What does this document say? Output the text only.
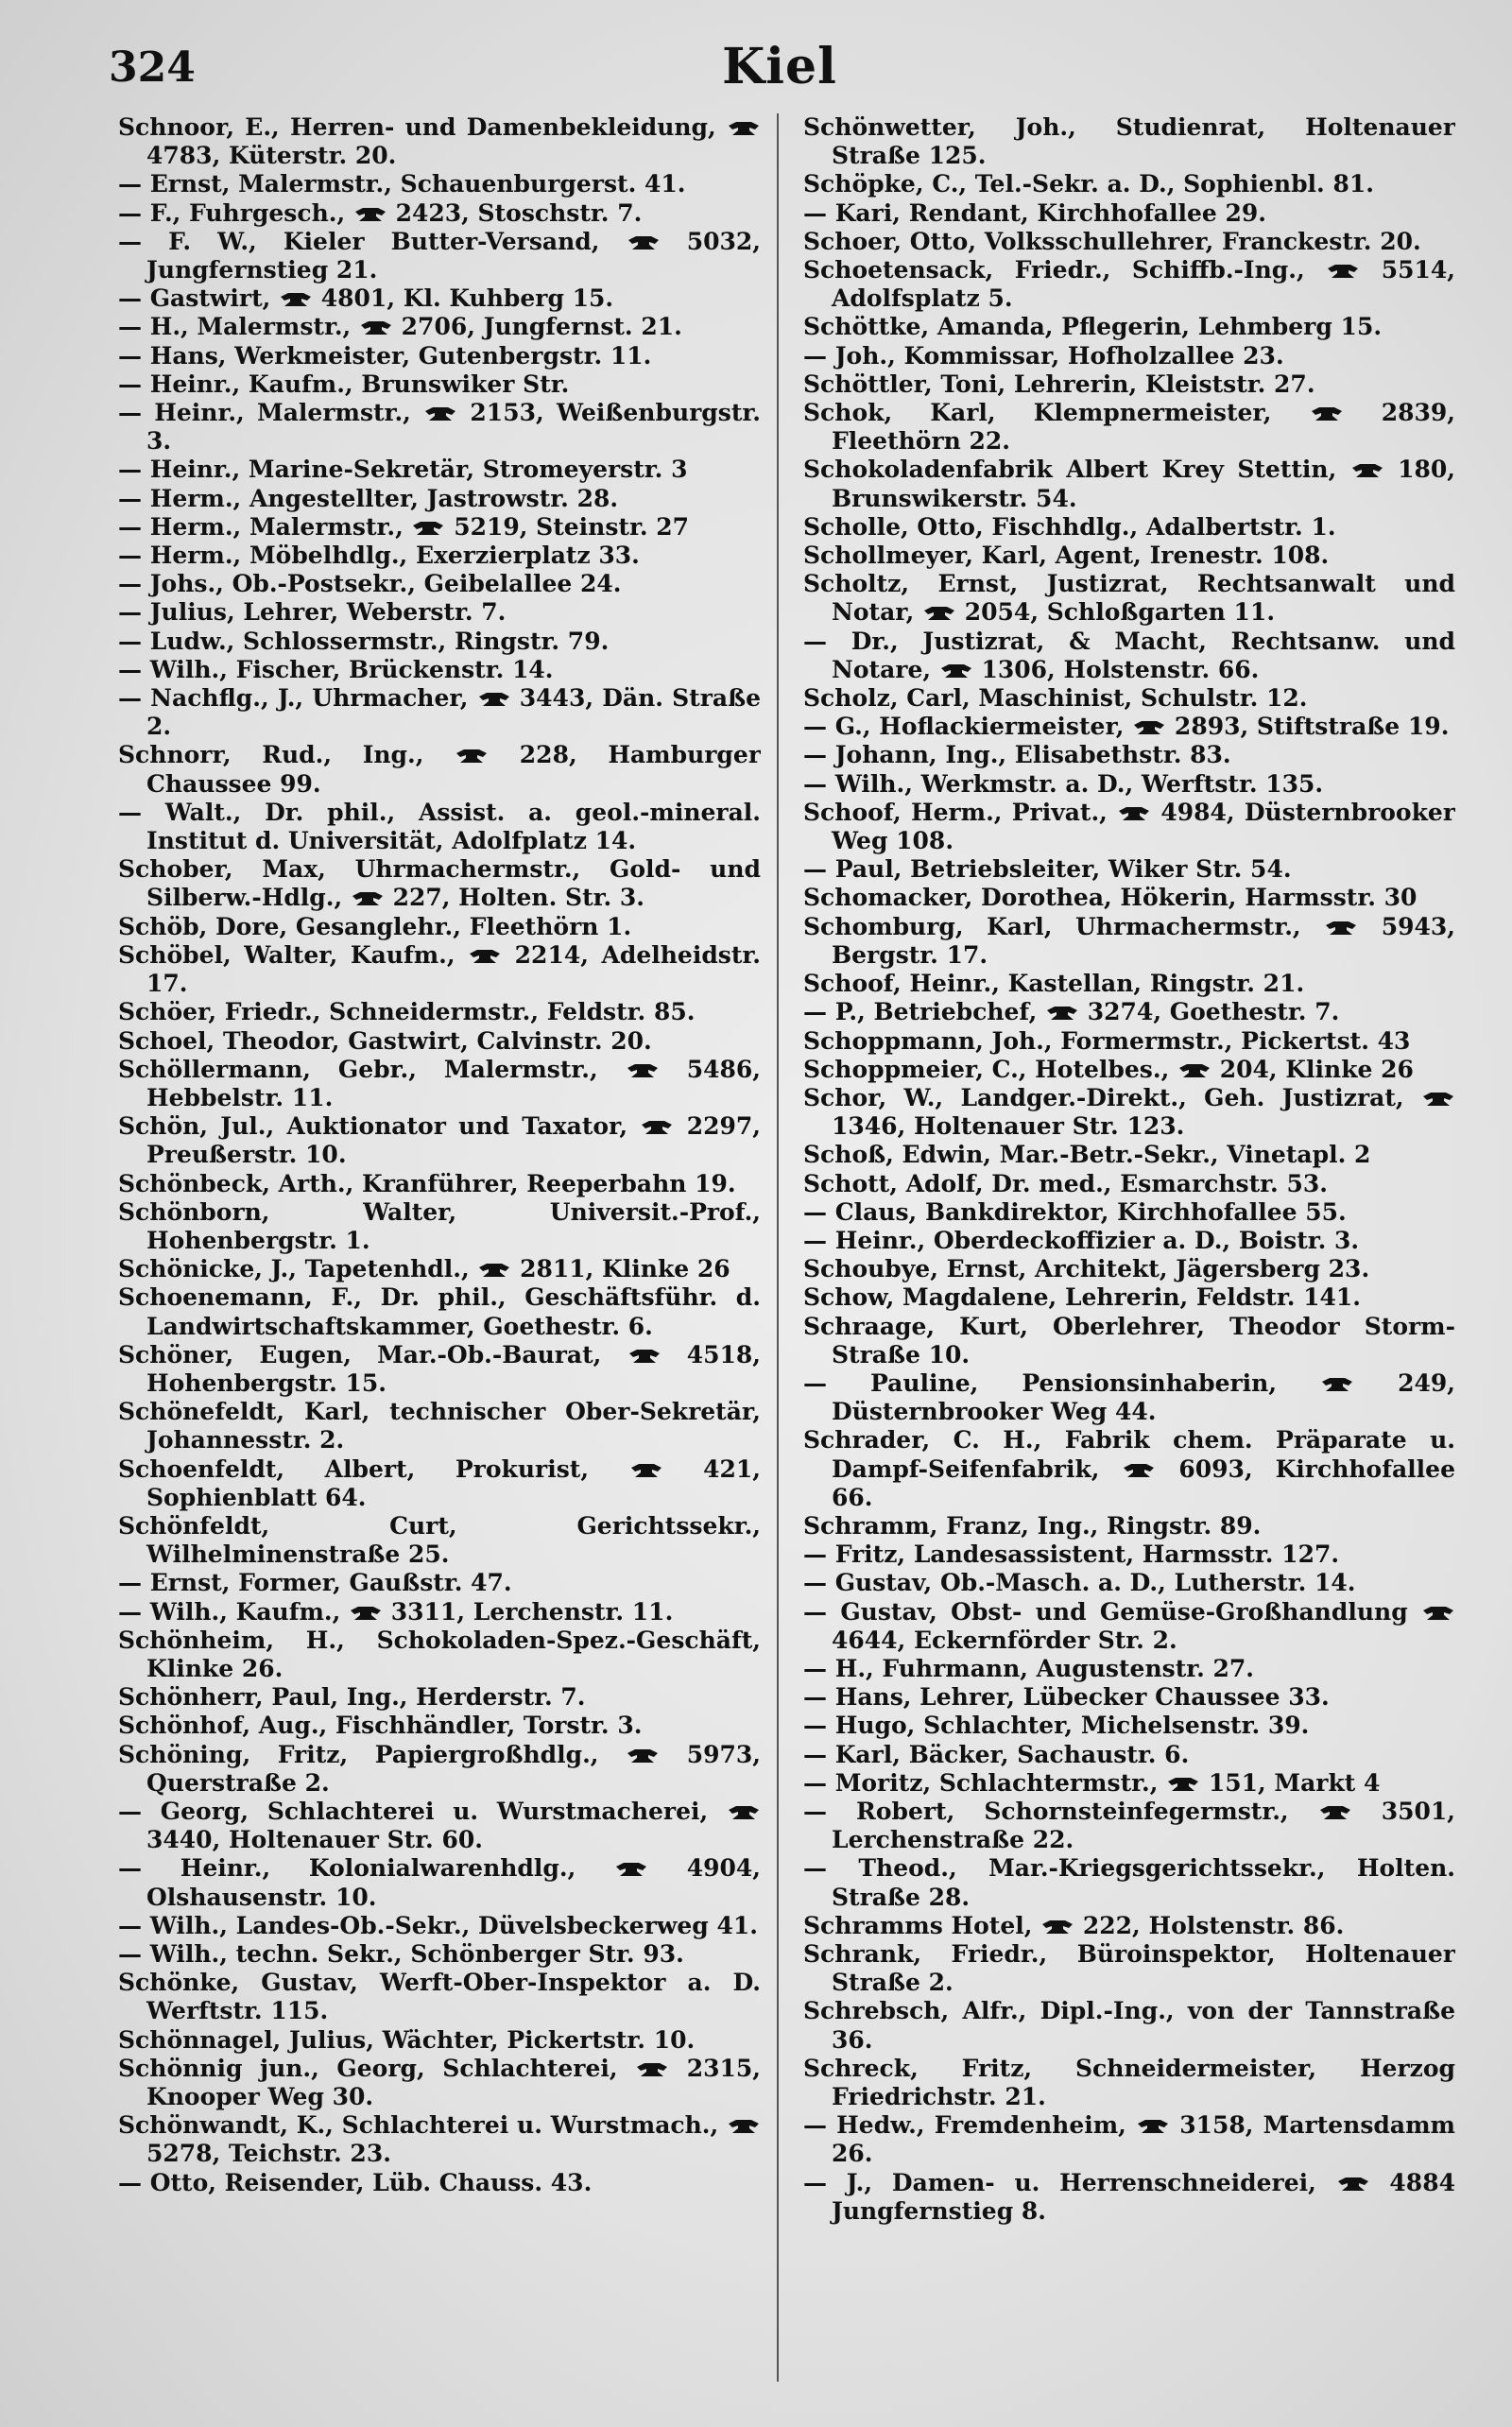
324	Kiel
Schnoor, E., Herren- und Damenbekleidung,  4783, Küterstr. 20.
— Ernst, Malermstr., Schauenburgerst. 41.
— F., Fuhrgesch.,  2423, Stoschstr. 7.
— F. W., Kieler Butter-Versand,  5032, Jungfernstieg 21.
— Gastwirt,  4801, Kl. Kuhberg 15.
— H., Malermstr.,  2706, Jungfernst. 21.
— Hans, Werkmeister, Gutenbergstr. 11.
— Heinr., Kaufm., Brunswiker Str.
— Heinr., Malermstr.,  2153, Weißenburgstr. 3.
— Heinr., Marine-Sekretär, Stromeyerstr. 3
— Herm., Angestellter, Jastrowstr. 28.
— Herm., Malermstr.,  5219, Steinstr. 27
— Herm., Möbelhdlg., Exerzierplatz 33.
— Johs., Ob.-Postsekr., Geibelallee 24.
— Julius, Lehrer, Weberstr. 7.
— Ludw., Schlossermstr., Ringstr. 79.
— Wilh., Fischer, Brückenstr. 14.
— Nachflg., J., Uhrmacher,  3443, Dän. Straße 2.
Schnorr, Rud., Ing.,  228, Hamburger Chaussee 99.
— Walt., Dr. phil., Assist. a. geol.-mineral. Institut d. Universität, Adolfplatz 14.
Schober, Max, Uhrmachermstr., Gold- und Silberw.-Hdlg.,  227, Holten. Str. 3.
Schöb, Dore, Gesanglehr., Fleethörn 1.
Schöbel, Walter, Kaufm.,  2214, Adelheidstr. 17.
Schöer, Friedr., Schneidermstr., Feldstr. 85.
Schoel, Theodor, Gastwirt, Calvinstr. 20.
Schöllermann, Gebr., Malermstr.,  5486, Hebbelstr. 11.
Schön, Jul., Auktionator und Taxator,  2297, Preußerstr. 10.
Schönbeck, Arth., Kranführer, Reeperbahn 19.
Schönborn, Walter, Universit.-Prof., Hohenbergstr. 1.
Schönicke, J., Tapetenhdl.,  2811, Klinke 26
Schoenemann, F., Dr. phil., Geschäftsführ. d. Landwirtschaftskammer, Goethestr. 6.
Schöner, Eugen, Mar.-Ob.-Baurat,  4518, Hohenbergstr. 15.
Schönefeldt, Karl, technischer Ober-Sekretär, Johannesstr. 2.
Schoenfeldt, Albert, Prokurist,  421, Sophienblatt 64.
Schönfeldt, Curt, Gerichtssekr., Wilhelminenstraße 25.
— Ernst, Former, Gaußstr. 47.
— Wilh., Kaufm.,  3311, Lerchenstr. 11.
Schönheim, H., Schokoladen-Spez.-Geschäft, Klinke 26.
Schönherr, Paul, Ing., Herderstr. 7.
Schönhof, Aug., Fischhändler, Torstr. 3.
Schöning, Fritz, Papiergroßhdlg.,  5973, Querstraße 2.
— Georg, Schlachterei u. Wurstmacherei,  3440, Holtenauer Str. 60.
— Heinr., Kolonialwarenhdlg.,  4904, Olshausenstr. 10.
— Wilh., Landes-Ob.-Sekr., Düvelsbeckerweg 41.
— Wilh., techn. Sekr., Schönberger Str. 93.
Schönke, Gustav, Werft-Ober-Inspektor a. D. Werftstr. 115.
Schönnagel, Julius, Wächter, Pickertstr. 10.
Schönnig jun., Georg, Schlachterei,  2315, Knooper Weg 30.
Schönwandt, K., Schlachterei u. Wurstmach.,  5278, Teichstr. 23.
— Otto, Reisender, Lüb. Chauss. 43.
Schönwetter, Joh., Studienrat, Holtenauer Straße 125.
Schöpke, C., Tel.-Sekr. a. D., Sophienbl. 81.
— Kari, Rendant, Kirchhofallee 29.
Schoer, Otto, Volksschullehrer, Franckestr. 20.
Schoetensack, Friedr., Schiffb.-Ing.,  5514, Adolfsplatz 5.
Schöttke, Amanda, Pflegerin, Lehmberg 15.
— Joh., Kommissar, Hofholzallee 23.
Schöttler, Toni, Lehrerin, Kleiststr. 27.
Schok, Karl, Klempnermeister,  2839, Fleethörn 22.
Schokoladenfabrik Albert Krey Stettin,  180, Brunswikerstr. 54.
Scholle, Otto, Fischhdlg., Adalbertstr. 1.
Schollmeyer, Karl, Agent, Irenestr. 108.
Scholtz, Ernst, Justizrat, Rechtsanwalt und Notar,  2054, Schloßgarten 11.
— Dr., Justizrat, & Macht, Rechtsanw. und Notare,  1306, Holstenstr. 66.
Scholz, Carl, Maschinist, Schulstr. 12.
— G., Hoflackiermeister,  2893, Stiftstraße 19.
— Johann, Ing., Elisabethstr. 83.
— Wilh., Werkmstr. a. D., Werftstr. 135.
Schoof, Herm., Privat.,  4984, Düsternbrooker Weg 108.
— Paul, Betriebsleiter, Wiker Str. 54.
Schomacker, Dorothea, Hökerin, Harmsstr. 30
Schomburg, Karl, Uhrmachermstr.,  5943, Bergstr. 17.
Schoof, Heinr., Kastellan, Ringstr. 21.
— P., Betriebchef,  3274, Goethestr. 7.
Schoppmann, Joh., Formermstr., Pickertst. 43
Schoppmeier, C., Hotelbes.,  204, Klinke 26
Schor, W., Landger.-Direkt., Geh. Justizrat,  1346, Holtenauer Str. 123.
Schoß, Edwin, Mar.-Betr.-Sekr., Vinetapl. 2
Schott, Adolf, Dr. med., Esmarchstr. 53.
— Claus, Bankdirektor, Kirchhofallee 55.
— Heinr., Oberdeckoffizier a. D., Boistr. 3.
Schoubye, Ernst, Architekt, Jägersberg 23.
Schow, Magdalene, Lehrerin, Feldstr. 141.
Schraage, Kurt, Oberlehrer, Theodor Storm-Straße 10.
— Pauline, Pensionsinhaberin,  249, Düsternbrooker Weg 44.
Schrader, C. H., Fabrik chem. Präparate u. Dampf-Seifenfabrik,  6093, Kirchhofallee 66.
Schramm, Franz, Ing., Ringstr. 89.
— Fritz, Landesassistent, Harmsstr. 127.
— Gustav, Ob.-Masch. a. D., Lutherstr. 14.
— Gustav, Obst- und Gemüse-Großhandlung  4644, Eckernförder Str. 2.
— H., Fuhrmann, Augustenstr. 27.
— Hans, Lehrer, Lübecker Chaussee 33.
— Hugo, Schlachter, Michelsenstr. 39.
— Karl, Bäcker, Sachaustr. 6.
— Moritz, Schlachtermstr.,  151, Markt 4
— Robert, Schornsteinfegermstr.,  3501, Lerchenstraße 22.
— Theod., Mar.-Kriegsgerichtssekr., Holten. Straße 28.
Schramms Hotel,  222, Holstenstr. 86.
Schrank, Friedr., Büroinspektor, Holtenauer Straße 2.
Schrebsch, Alfr., Dipl.-Ing., von der Tannstraße 36.
Schreck, Fritz, Schneidermeister, Herzog Friedrichstr. 21.
— Hedw., Fremdenheim,  3158, Martensdamm 26.
— J., Damen- u. Herrenschneiderei,  4884 Jungfernstieg 8.
